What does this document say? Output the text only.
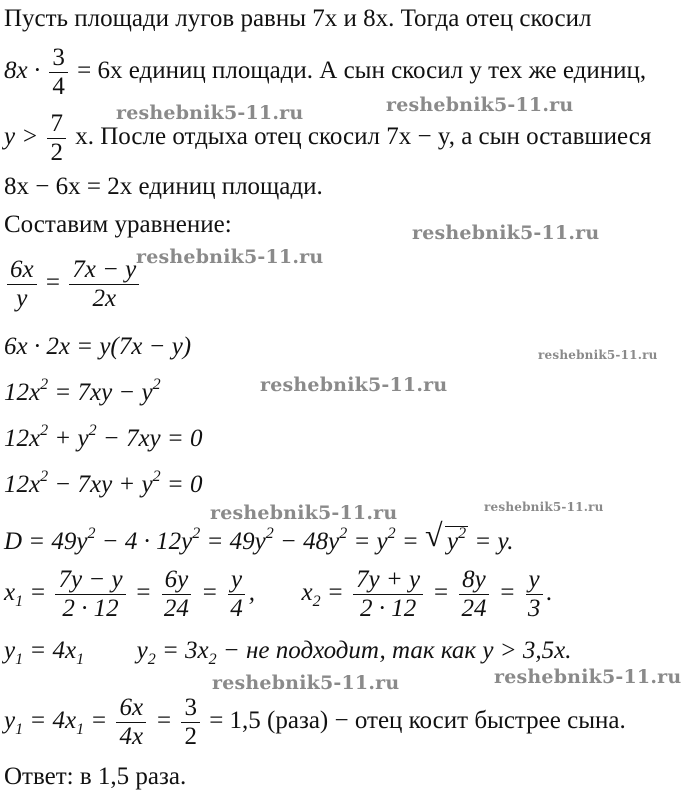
Пусть площади лугов равны 7x и 8x. Тогда отец скосил
$8x \cdot \frac{3}{4} = 6x$ единиц площади. А сын скосил y тех же единиц,
$y > \frac{7}{2} x$. После отдыха отец скосил 7x − y, а сын оставшиеся
8x − 6x = 2x единиц площади.
Составим уравнение:
$\frac{6x}{y} = \frac{7x - y}{2x}$
6x · 2x = y(7x − y)
$12x^2 = 7xy - y^2$
$12x^2 + y^2 - 7xy = 0$
$12x^2 - 7xy + y^2 = 0$
$D = 49y^2 - 4 \cdot 12y^2 = 49y^2 - 48y^2 = y^2$ = √ $y^2 = y$.
$x_1 = \frac{7y - y}{2 \cdot 12} = \frac{6y}{24} = \frac{y}{4}$ , $x_2 = \frac{7y + y}{2 \cdot 12} = \frac{8y}{24} = \frac{y}{3}$ .
$y_1 = 4x_1$ $y_2 = 3x_2$ − не подходит, так как y > 3,5x.
$y_1 = 4x_1 = \frac{6x}{4x} = \frac{3}{2} = 1,5$ (раза) − отец косит быстрее сына.
Ответ: в 1,5 раза.
reshebnik5-11.ru	reshebnik5-11.ru
reshebnik5-11.ru
reshebnik5-11.ru
reshebnik5-11.ru
reshebnik5-11.ru
reshebnik5-11.ru	reshebnik5-11.ru
reshebnik5-11.ru	reshebnik5-11.ru
